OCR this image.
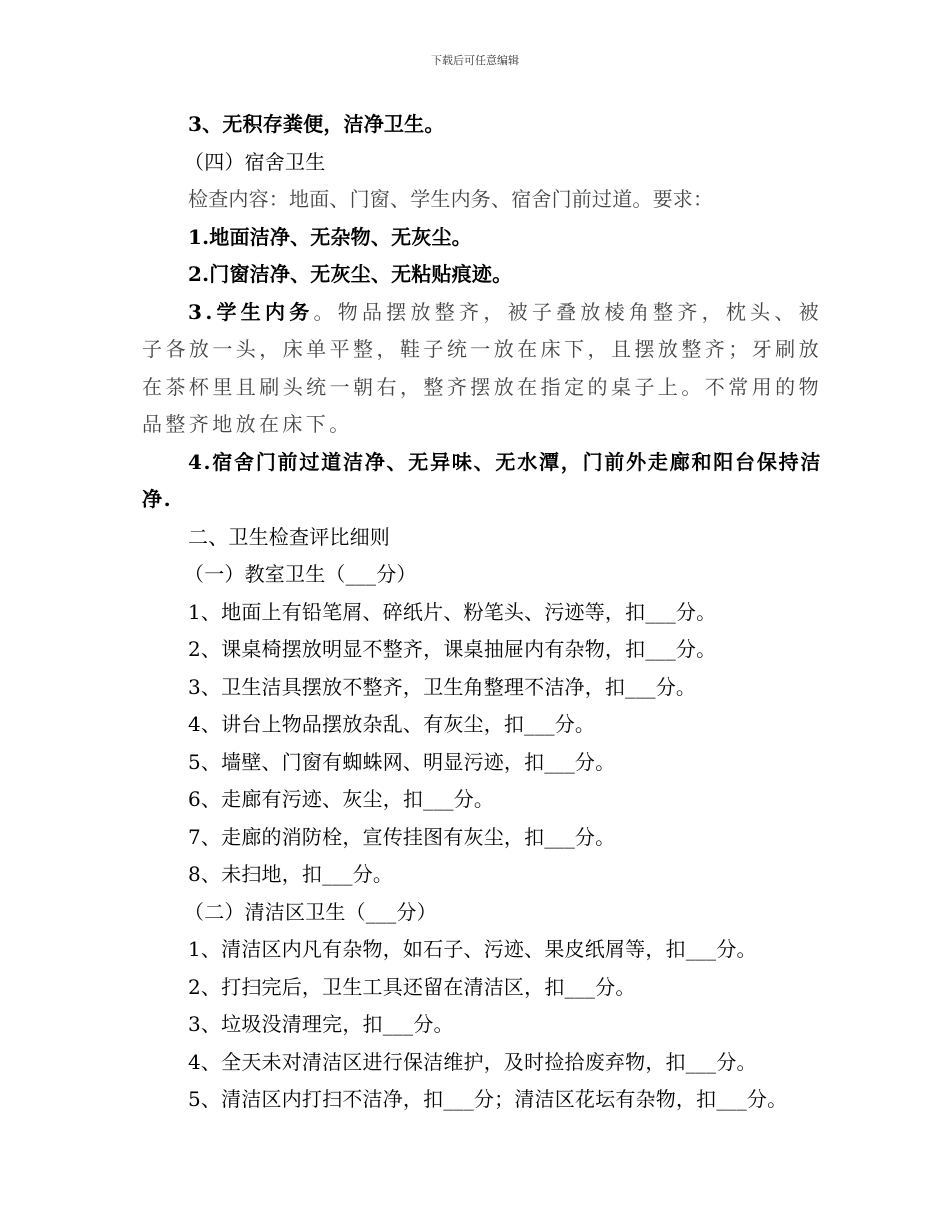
下载后可任意编辑

3、无积存粪便，洁净卫生。

（四）宿舍卫生

检查内容：地面、门窗、学生内务、宿舍门前过道。要求：

1.地面洁净、无杂物、无灰尘。

2.门窗洁净、无灰尘、无粘贴痕迹。

3.学生内务。物品摆放整齐，被子叠放棱角整齐，枕头、被子各放一头，床单平整，鞋子统一放在床下，且摆放整齐；牙刷放在茶杯里且刷头统一朝右，整齐摆放在指定的桌子上。不常用的物品整齐地放在床下。

4.宿舍门前过道洁净、无异味、无水潭，门前外走廊和阳台保持洁净.

二、卫生检查评比细则

（一）教室卫生（___分）

1、地面上有铅笔屑、碎纸片、粉笔头、污迹等，扣___分。

2、课桌椅摆放明显不整齐，课桌抽屉内有杂物，扣___分。

3、卫生洁具摆放不整齐，卫生角整理不洁净，扣___分。

4、讲台上物品摆放杂乱、有灰尘，扣___分。

5、墙壁、门窗有蜘蛛网、明显污迹，扣___分。

6、走廊有污迹、灰尘，扣___分。

7、走廊的消防栓，宣传挂图有灰尘，扣___分。

8、未扫地，扣___分。

（二）清洁区卫生（___分）

1、清洁区内凡有杂物，如石子、污迹、果皮纸屑等，扣___分。

2、打扫完后，卫生工具还留在清洁区，扣___分。

3、垃圾没清理完，扣___分。

4、全天未对清洁区进行保洁维护，及时捡拾废弃物，扣___分。

5、清洁区内打扫不洁净，扣___分；清洁区花坛有杂物，扣___分。
